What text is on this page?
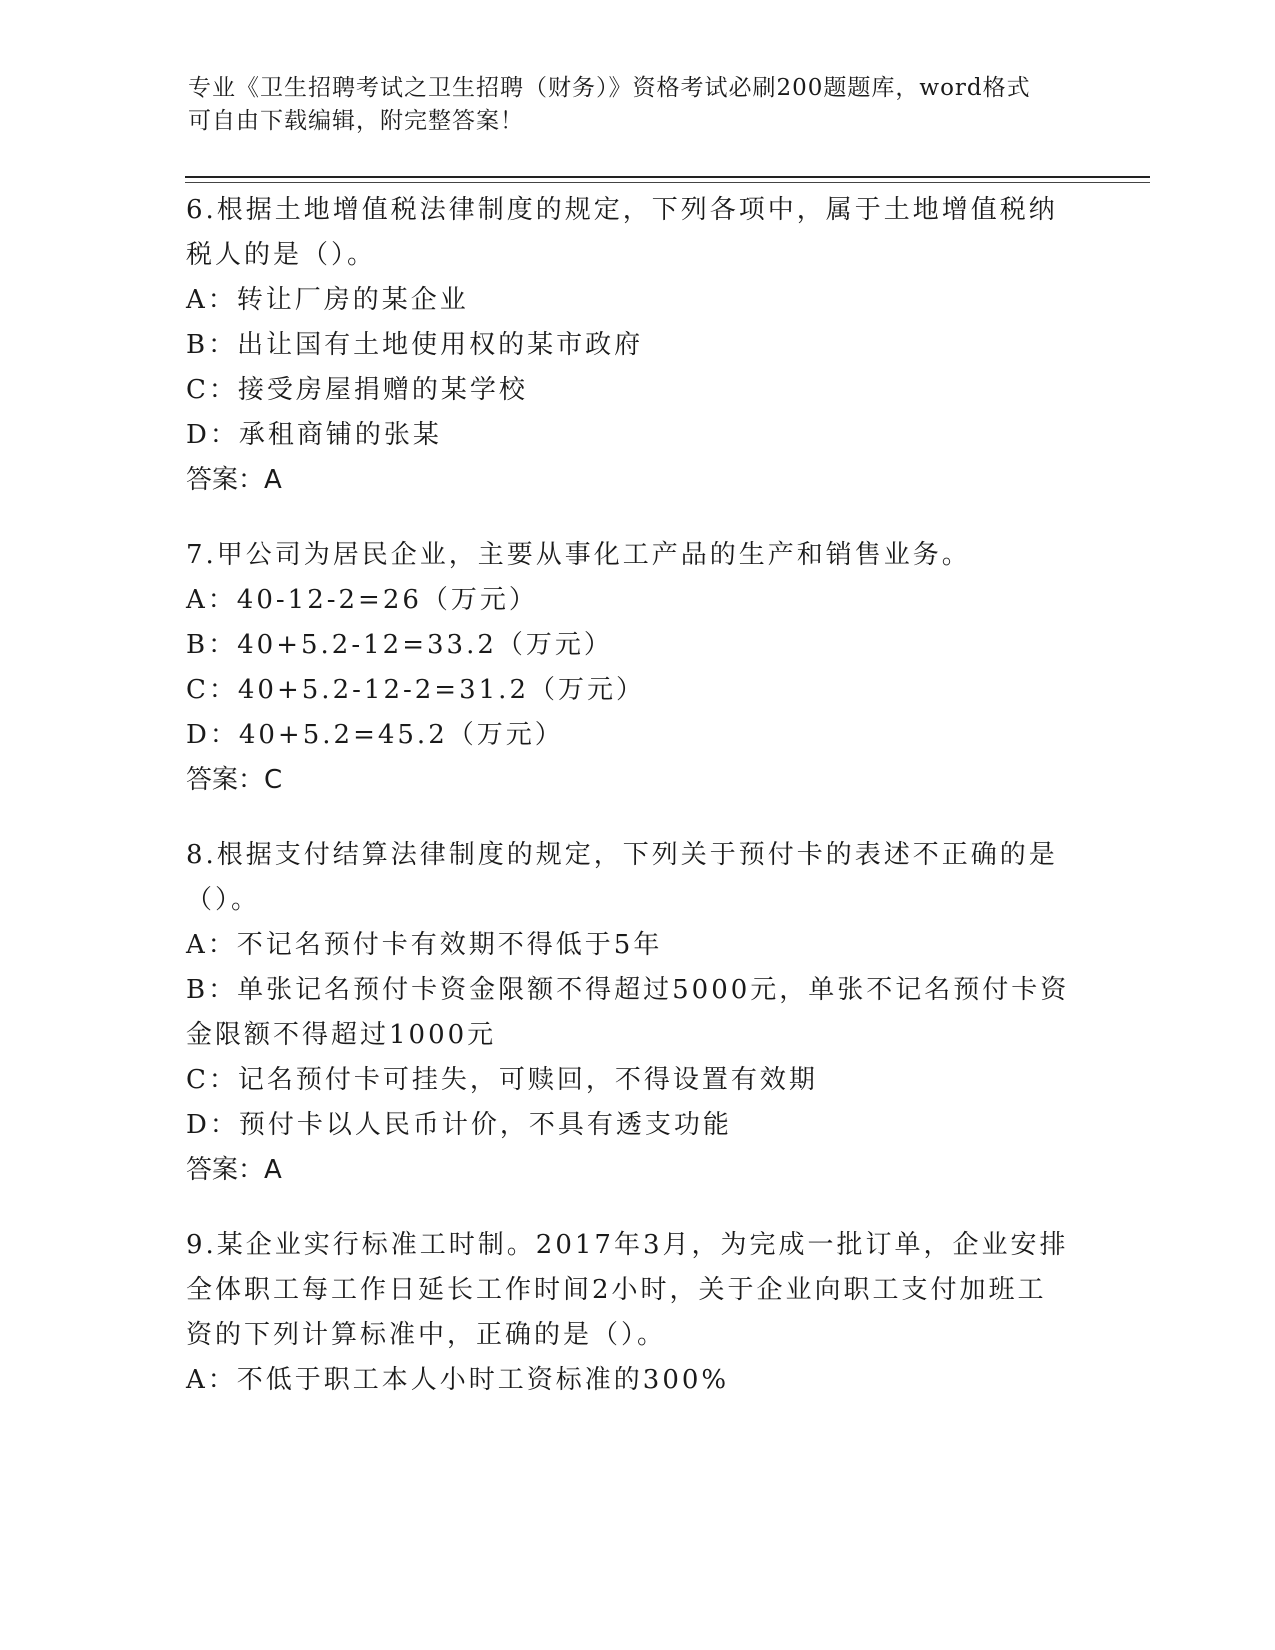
专业《卫生招聘考试之卫生招聘（财务）》资格考试必刷200题题库，word格式
可自由下载编辑，附完整答案！
6.根据土地增值税法律制度的规定，下列各项中，属于土地增值税纳
税人的是（）。
A：转让厂房的某企业
B：出让国有土地使用权的某市政府
C：接受房屋捐赠的某学校
D：承租商铺的张某
答案：A
7.甲公司为居民企业，主要从事化工产品的生产和销售业务。
A：40-12-2=26（万元）
B：40+5.2-12=33.2（万元）
C：40+5.2-12-2=31.2（万元）
D：40+5.2=45.2（万元）
答案：C
8.根据支付结算法律制度的规定，下列关于预付卡的表述不正确的是
（）。
A：不记名预付卡有效期不得低于5年
B：单张记名预付卡资金限额不得超过5000元，单张不记名预付卡资
金限额不得超过1000元
C：记名预付卡可挂失，可赎回，不得设置有效期
D：预付卡以人民币计价，不具有透支功能
答案：A
9.某企业实行标准工时制。2017年3月，为完成一批订单，企业安排
全体职工每工作日延长工作时间2小时，关于企业向职工支付加班工
资的下列计算标准中，正确的是（）。
A：不低于职工本人小时工资标准的300%
